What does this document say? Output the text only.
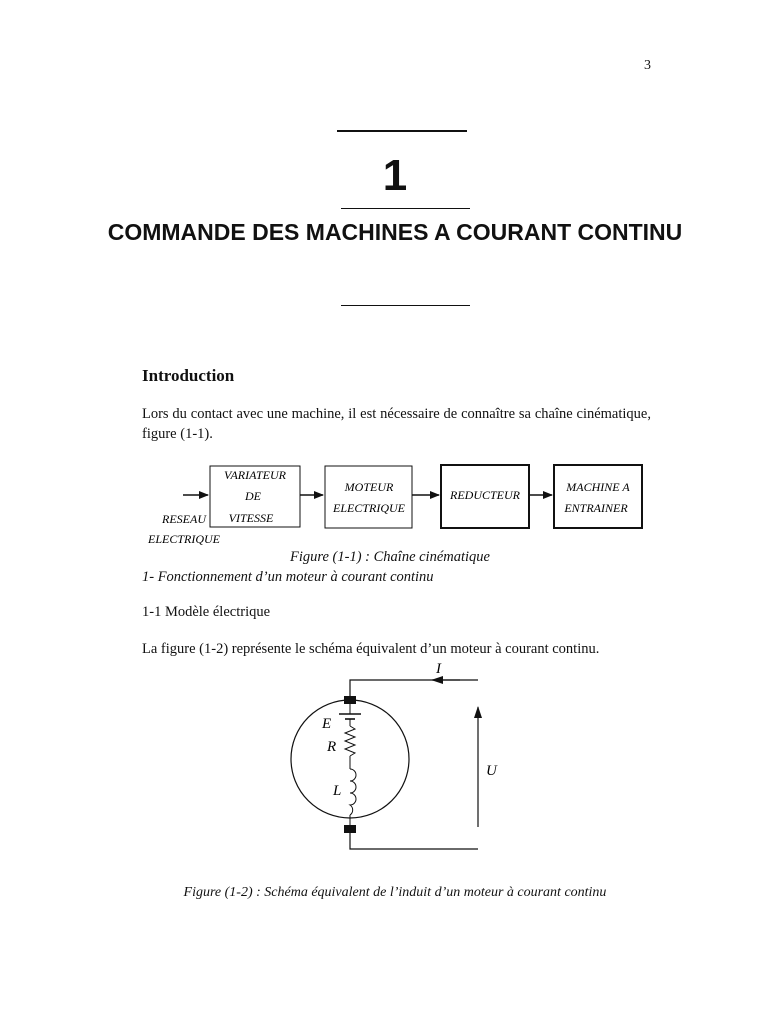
3
1
COMMANDE DES MACHINES A COURANT CONTINU
Introduction
Lors du contact avec une machine, il est nécessaire de connaître sa chaîne cinématique, figure (1-1).
RESEAU
ELECTRIQUE
VARIATEUR
DE
VITESSE
MOTEUR
ELECTRIQUE
REDUCTEUR
MACHINE A
ENTRAINER
Figure (1-1) : Chaîne cinématique
1- Fonctionnement d’un moteur à courant continu
1-1 Modèle électrique
La figure (1-2) représente le schéma équivalent d’un moteur à courant continu.
I
U
E
R
L
Figure (1-2) : Schéma équivalent de l’induit d’un moteur à courant continu
